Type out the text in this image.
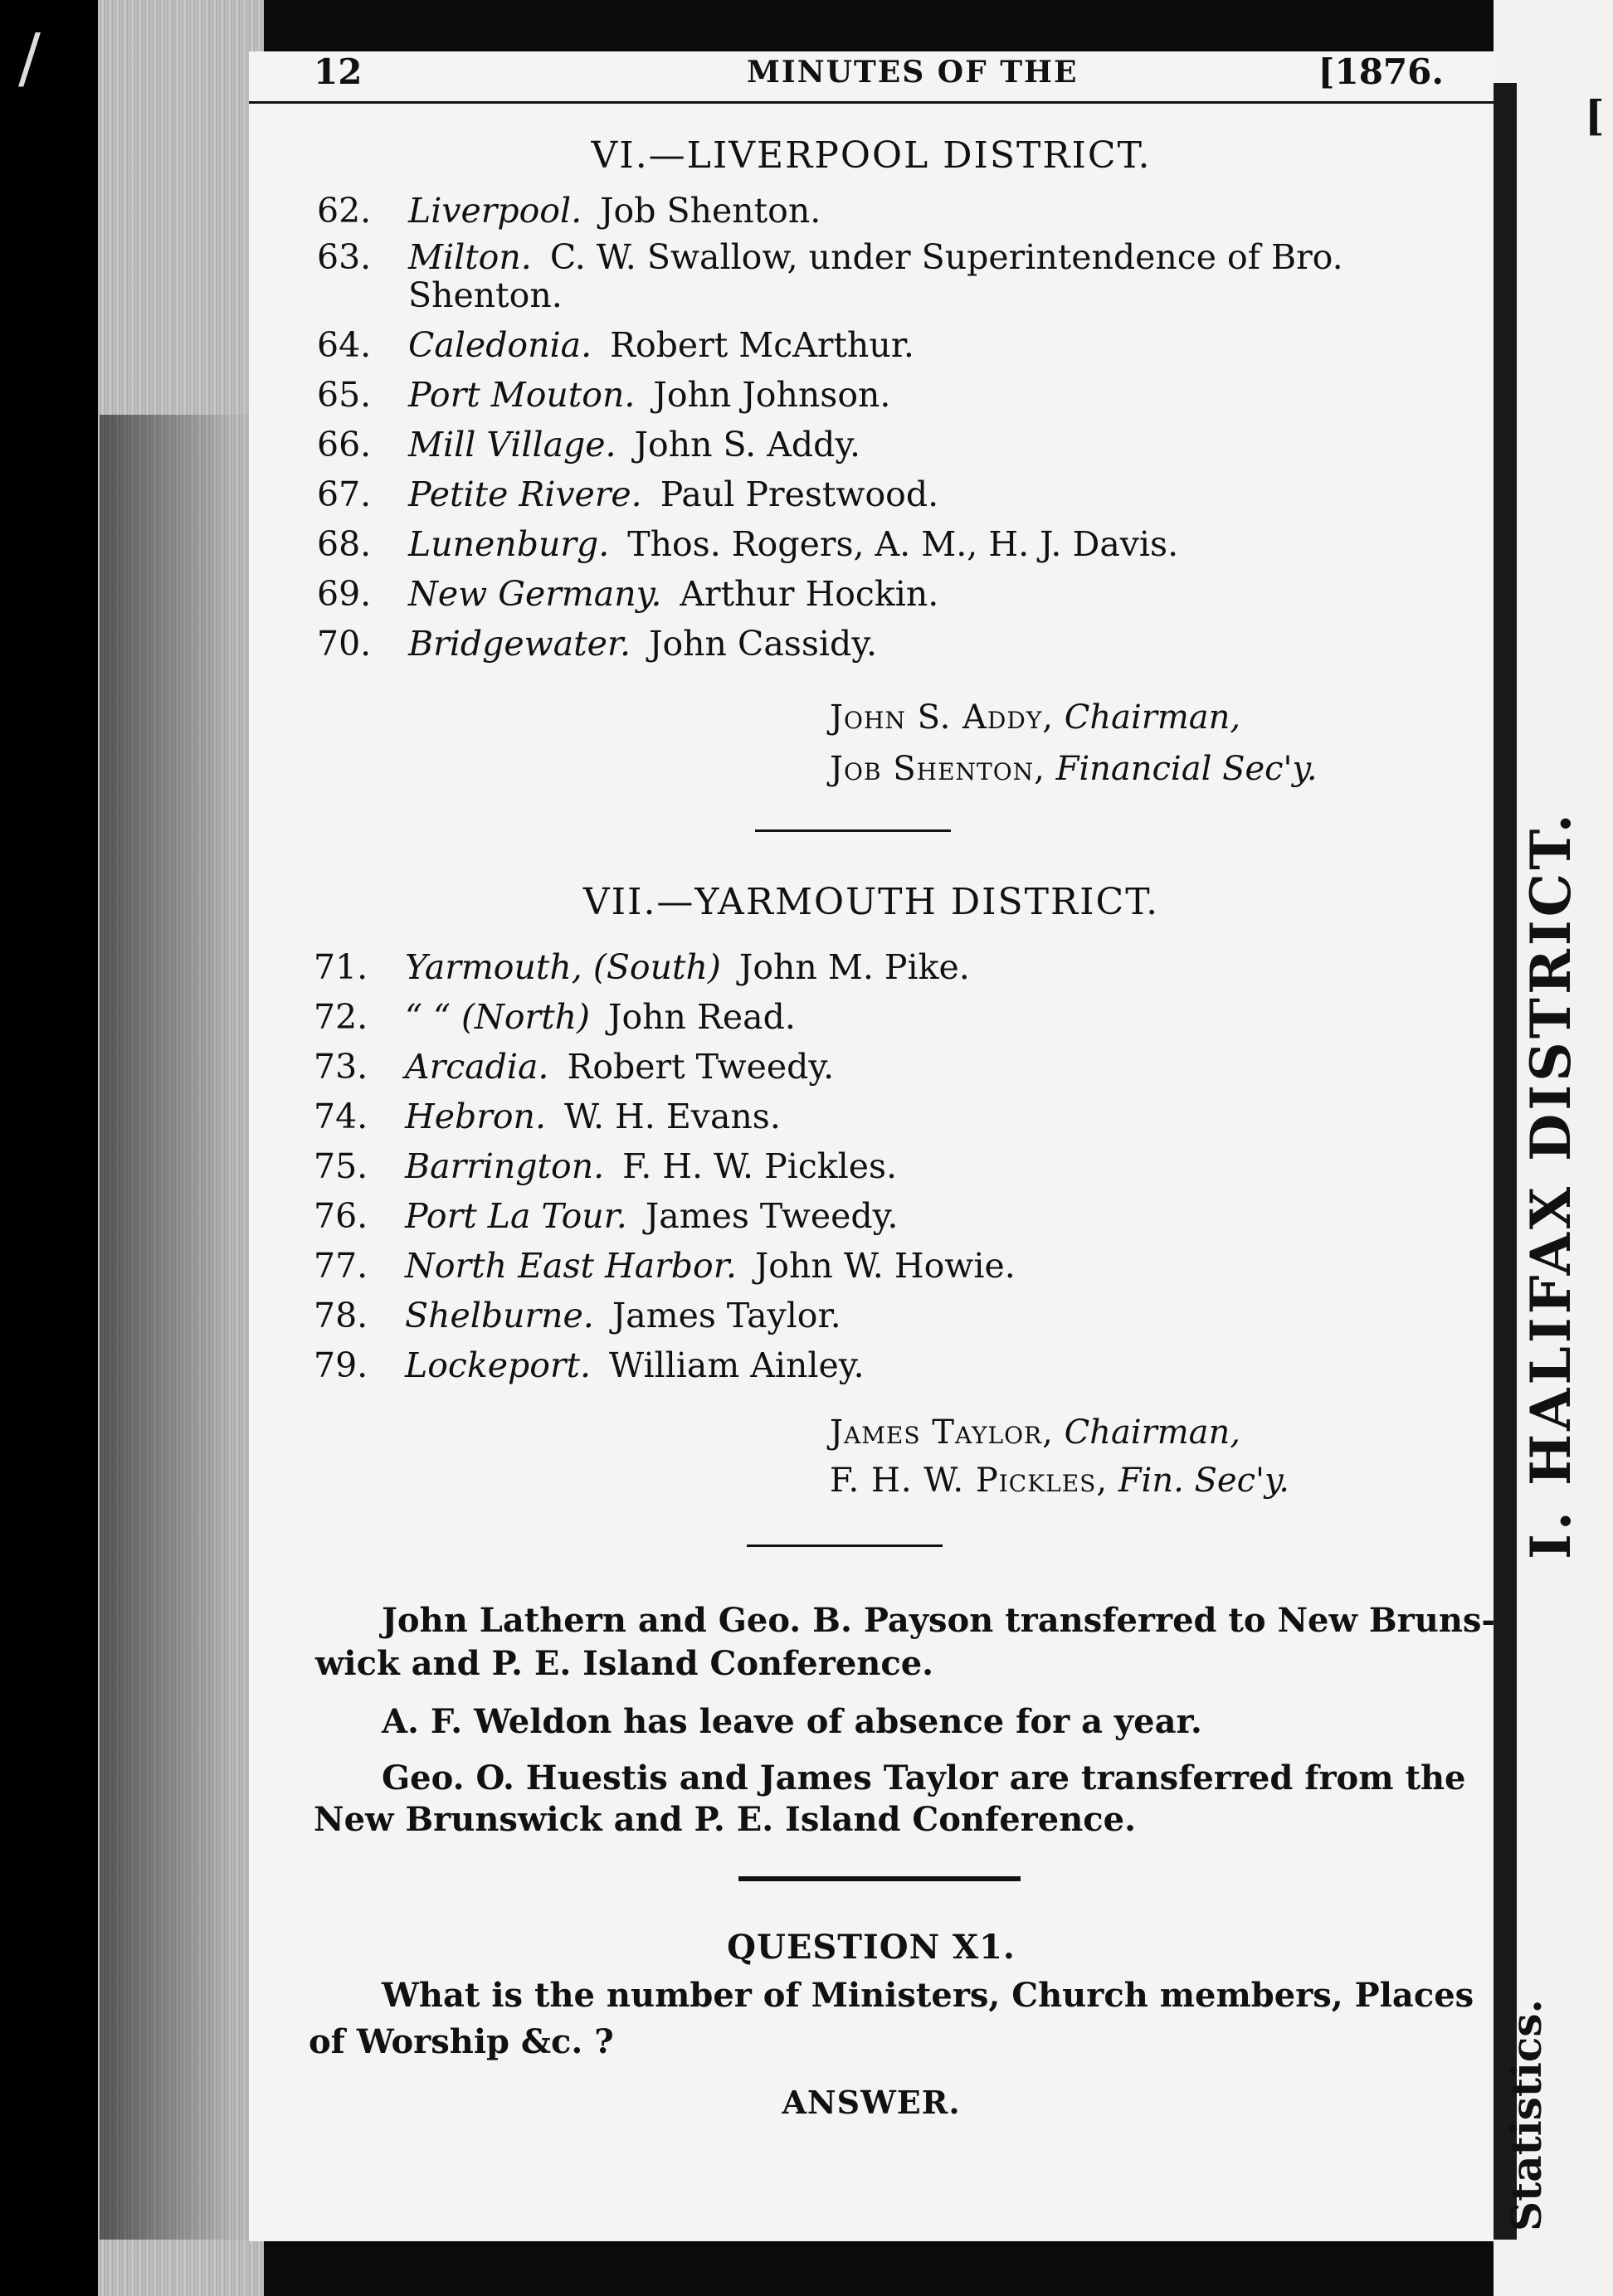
/
I. HALIFAX DISTRICT.
Statistics.
[
12	MINUTES OF THE	[1876.
VI.—LIVERPOOL DISTRICT.
62. Liverpool. Job Shenton.
63. Milton. C. W. Swallow, under Superintendence of Bro.
Shenton.
64. Caledonia. Robert McArthur.
65. Port Mouton. John Johnson.
66. Mill Village. John S. Addy.
67. Petite Rivere. Paul Prestwood.
68. Lunenburg. Thos. Rogers, A. M., H. J. Davis.
69. New Germany. Arthur Hockin.
70. Bridgewater. John Cassidy.
John S. Addy, Chairman,
Job Shenton, Financial Sec'y.
VII.—YARMOUTH DISTRICT.
71. Yarmouth, (South) John M. Pike.
72. “ “ (North) John Read.
73. Arcadia. Robert Tweedy.
74. Hebron. W. H. Evans.
75. Barrington. F. H. W. Pickles.
76. Port La Tour. James Tweedy.
77. North East Harbor. John W. Howie.
78. Shelburne. James Taylor.
79. Lockeport. William Ainley.
James Taylor, Chairman,
F. H. W. Pickles, Fin. Sec'y.
John Lathern and Geo. B. Payson transferred to New Bruns-
wick and P. E. Island Conference.
A. F. Weldon has leave of absence for a year.
Geo. O. Huestis and James Taylor are transferred from the
New Brunswick and P. E. Island Conference.
QUESTION X1.
What is the number of Ministers, Church members, Places
of Worship &c. ?
ANSWER.
